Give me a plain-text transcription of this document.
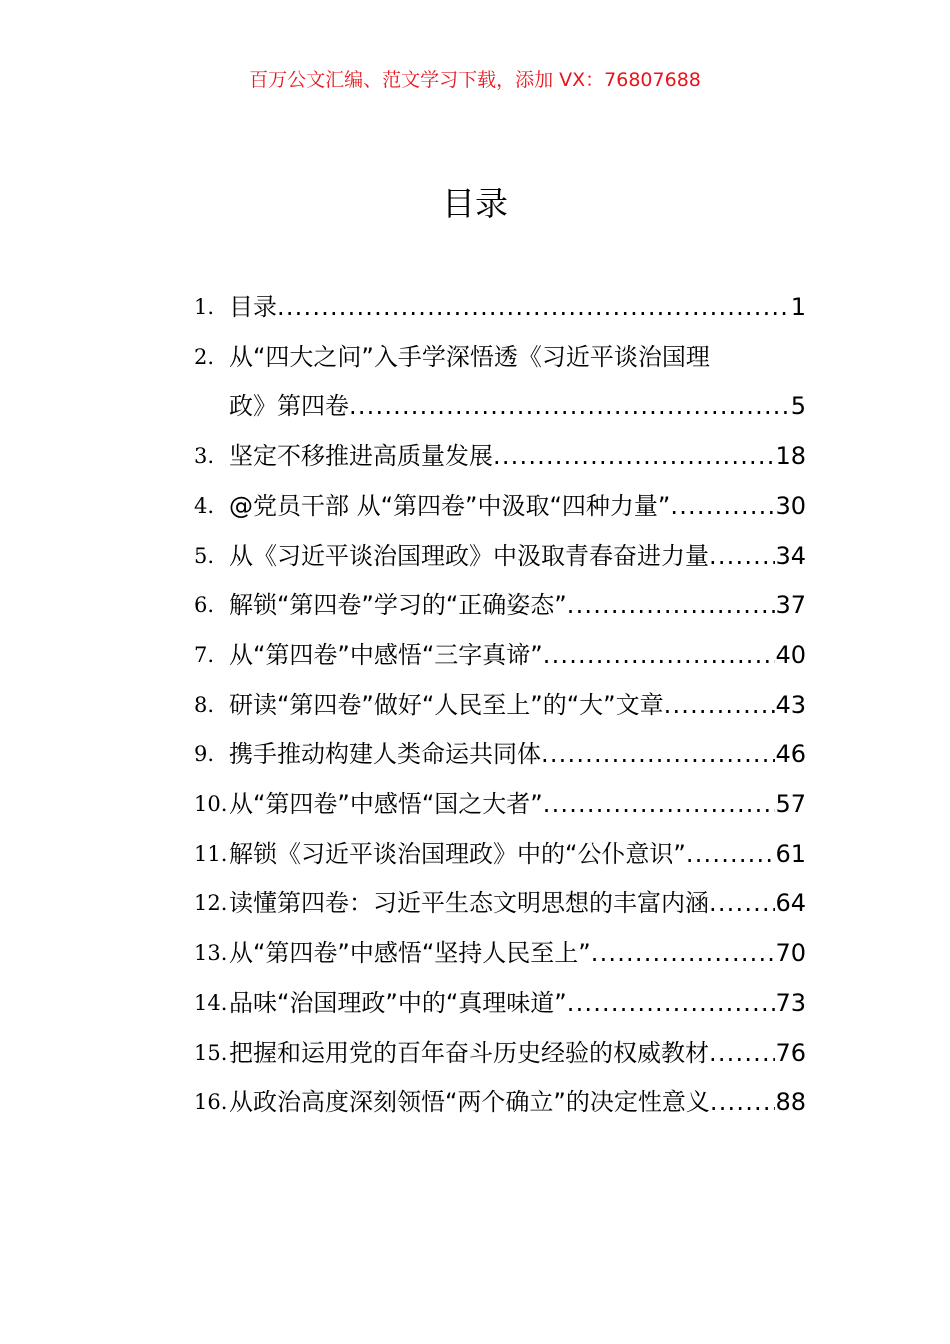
百万公文汇编、范文学习下载，添加 VX：76807688
目录
1. 目录 .....	1
2. 从“四大之问”入手学深悟透《习近平谈治国理
政》第四卷 .....	5
3. 坚定不移推进高质量发展 .....	18
4. @党员干部 从“第四卷”中汲取“四种力量” .....	30
5. 从《习近平谈治国理政》中汲取青春奋进力量 .....	34
6. 解锁“第四卷”学习的“正确姿态” .....	37
7. 从“第四卷”中感悟“三字真谛” .....	40
8. 研读“第四卷”做好“人民至上”的“大”文章 .....	43
9. 携手推动构建人类命运共同体 .....	46
10. 从“第四卷”中感悟“国之大者” .....	57
11. 解锁《习近平谈治国理政》中的“公仆意识” .....	61
12. 读懂第四卷：习近平生态文明思想的丰富内涵 .....	64
13. 从“第四卷”中感悟“坚持人民至上” .....	70
14. 品味“治国理政”中的“真理味道” .....	73
15. 把握和运用党的百年奋斗历史经验的权威教材 .....	76
16. 从政治高度深刻领悟“两个确立”的决定性意义 .....	88
